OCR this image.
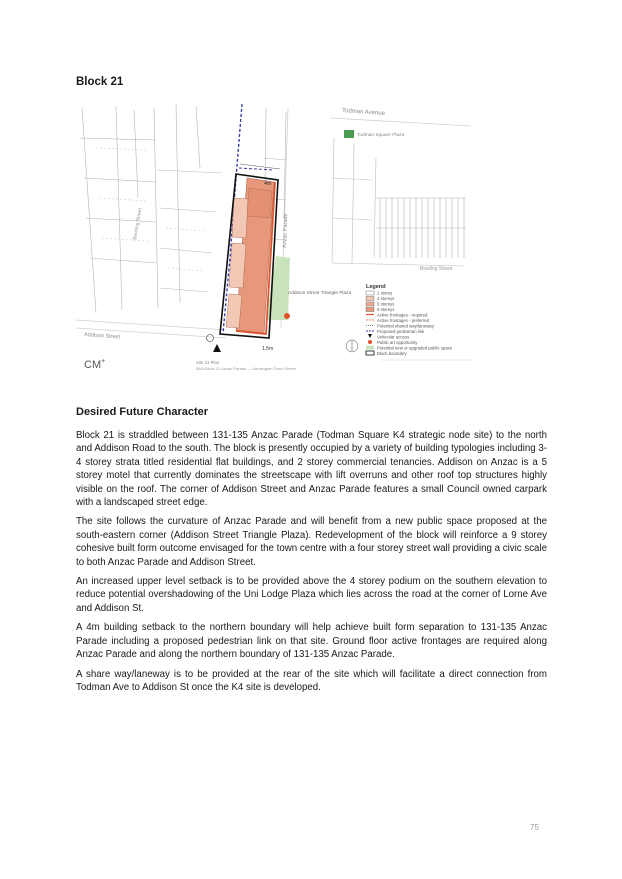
Block 21
Addison Street
Bowling Street	Anzac Parade
Addison Street Triangle Plaza
4m
1.5m
Todman Avenue
Todman Square Plaza
Bowling Street
Legend
1 storey
4 storeys
5 storeys
9 storeys
Active frontages - required
Active frontages - preferred
Potential shared way/laneway
Proposed pedestrian link
Vehicular access
Public art opportunity
Potential new or upgraded public space
Block boundary
CM+	Site 21 Plan
B&A Block 21 Anzac Parade — Kensington Town Centre
Desired Future Character

Block 21 is straddled between 131-135 Anzac Parade (Todman Square K4 strategic node site) to the north and Addison Road to the south. The block is presently occupied by a variety of building typologies including 3-4 storey strata titled residential flat buildings, and 2 storey commercial tenancies. Addison on Anzac is a 5 storey motel that currently dominates the streetscape with lift overruns and other roof top structures highly visible on the roof. The corner of Addison Street and Anzac Parade features a small Council owned carpark with a landscaped street edge.

The site follows the curvature of Anzac Parade and will benefit from a new public space proposed at the south-eastern corner (Addison Street Triangle Plaza). Redevelopment of the block will reinforce a 9 storey cohesive built form outcome envisaged for the town centre with a four storey street wall providing a civic scale to both Anzac Parade and Addison Street.

An increased upper level setback is to be provided above the 4 storey podium on the southern elevation to reduce potential overshadowing of the Uni Lodge Plaza which lies across the road at the corner of Lorne Ave and Addison St.

A 4m building setback to the northern boundary will help achieve built form separation to 131-135 Anzac Parade including a proposed pedestrian link on that site. Ground floor active frontages are required along Anzac Parade and along the northern boundary of 131-135 Anzac Parade.

A share way/laneway is to be provided at the rear of the site which will facilitate a direct connection from Todman Ave to Addison St once the K4 site is developed.

75
